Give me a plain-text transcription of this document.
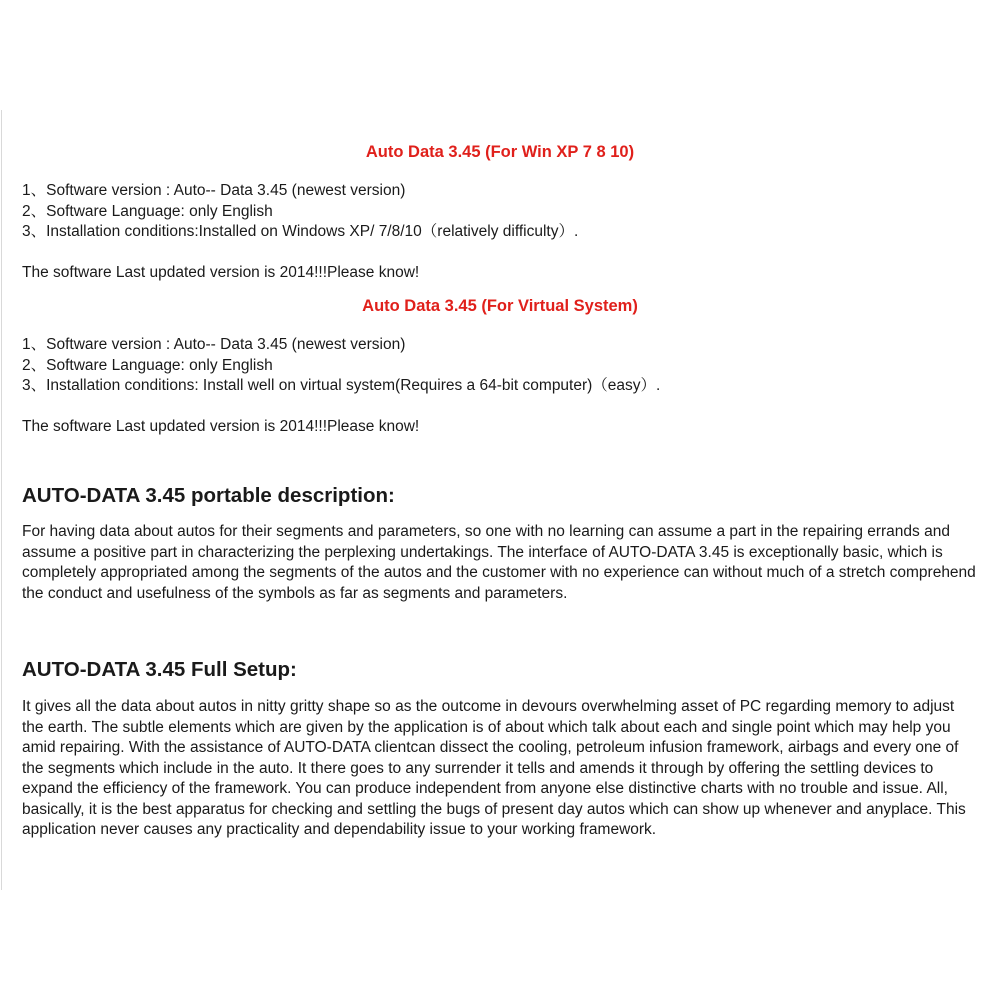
Auto Data 3.45 (For Win XP 7 8 10)
1、Software version : Auto-- Data 3.45 (newest version)
2、Software Language: only English
3、Installation conditions:Installed on Windows XP/ 7/8/10（relatively difficulty）.
The software Last updated version is 2014!!!Please know!
Auto Data 3.45 (For Virtual System)
1、Software version : Auto-- Data 3.45 (newest version)
2、Software Language: only English
3、Installation conditions: Install well on virtual system(Requires a 64-bit computer)（easy）.
The software Last updated version is 2014!!!Please know!
AUTO-DATA 3.45 portable description:

For having data about autos for their segments and parameters, so one with no learning can assume a part in the repairing errands and assume a positive part in characterizing the perplexing undertakings. The interface of AUTO-DATA 3.45 is exceptionally basic, which is completely appropriated among the segments of the autos and the customer with no experience can without much of a stretch comprehend the conduct and usefulness of the symbols as far as segments and parameters.

AUTO-DATA 3.45 Full Setup:

It gives all the data about autos in nitty gritty shape so as the outcome in devours overwhelming asset of PC regarding memory to adjust the earth. The subtle elements which are given by the application is of about which talk about each and single point which may help you amid repairing. With the assistance of AUTO-DATA clientcan dissect the cooling, petroleum infusion framework, airbags and every one of the segments which include in the auto. It there goes to any surrender it tells and amends it through by offering the settling devices to expand the efficiency of the framework. You can produce independent from anyone else distinctive charts with no trouble and issue. All, basically, it is the best apparatus for checking and settling the bugs of present day autos which can show up whenever and anyplace. This application never causes any practicality and dependability issue to your working framework.
